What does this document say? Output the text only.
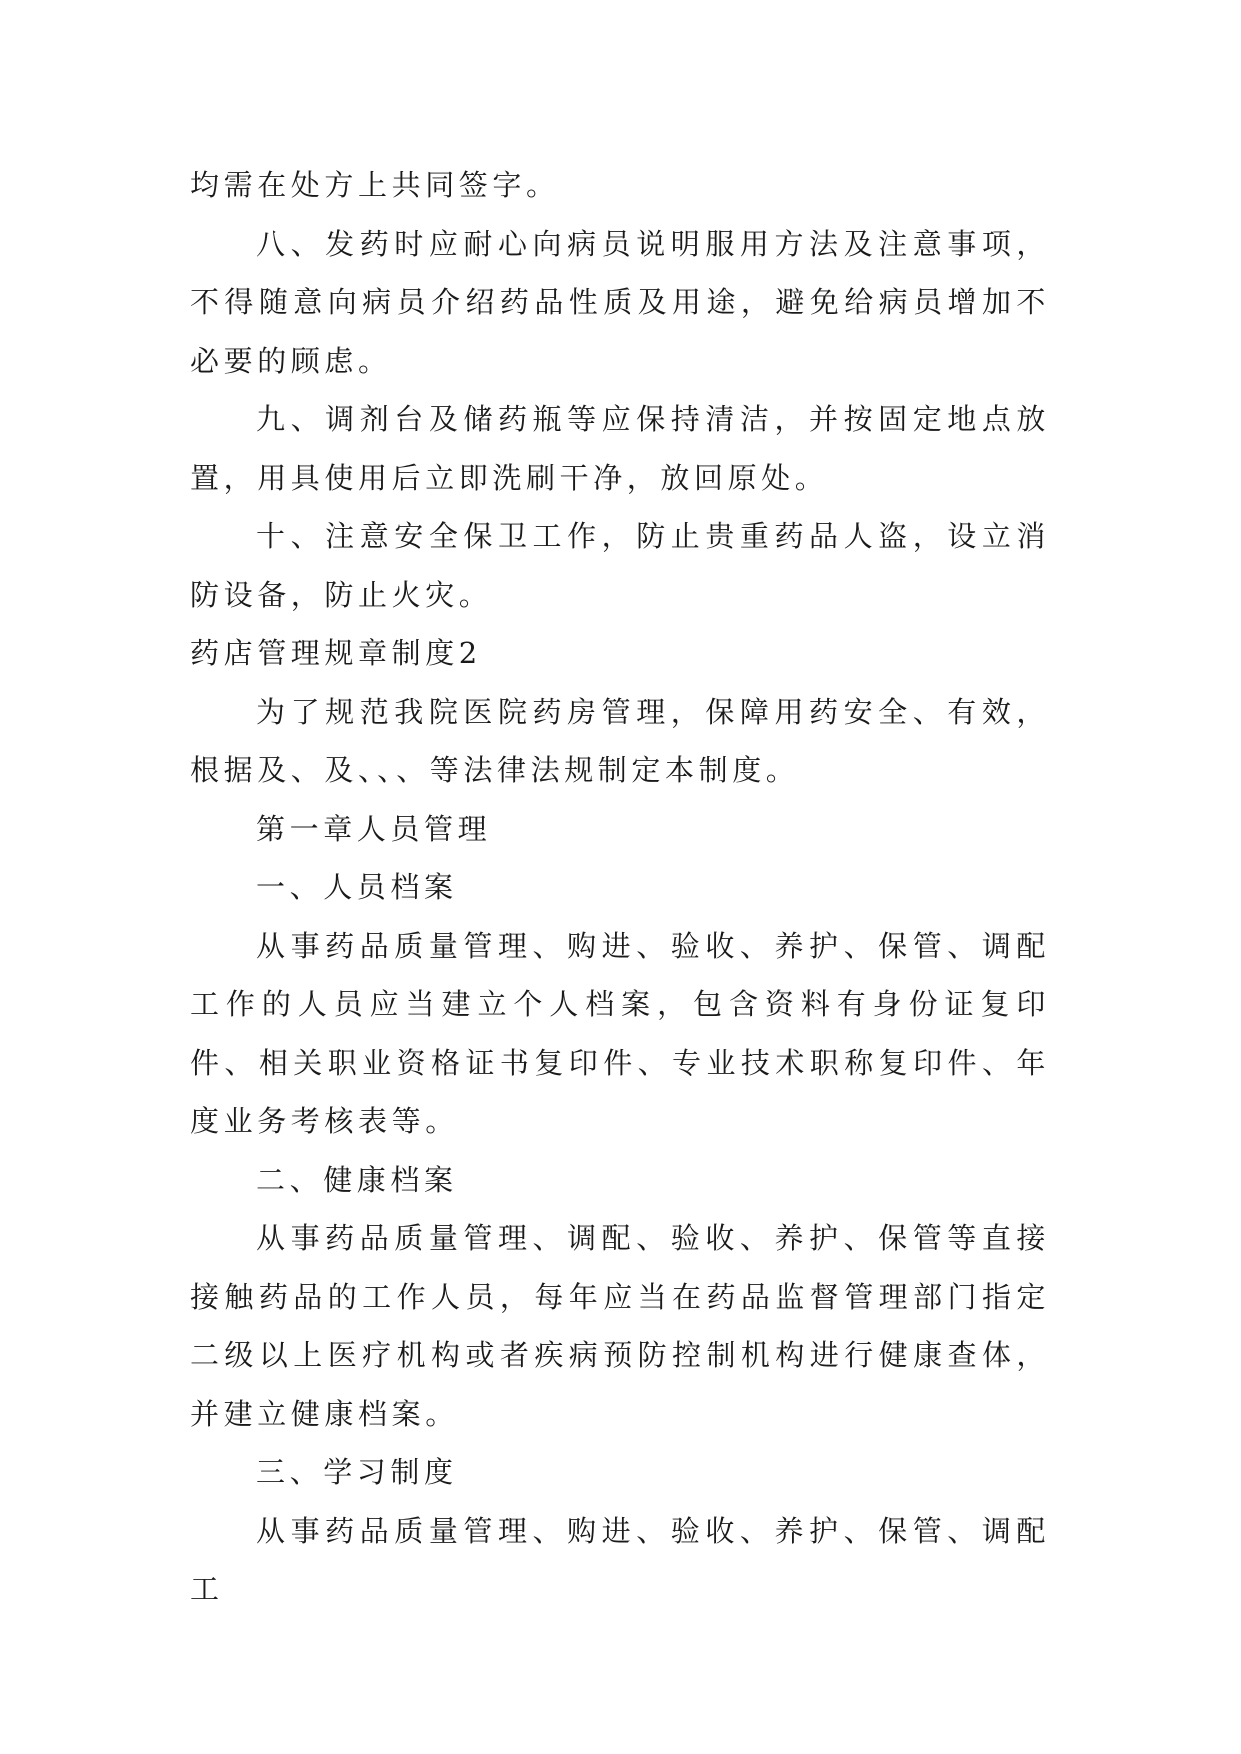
均需在处方上共同签字。

八、发药时应耐心向病员说明服用方法及注意事项，不得随意向病员介绍药品性质及用途，避免给病员增加不必要的顾虑。

九、调剂台及储药瓶等应保持清洁，并按固定地点放置，用具使用后立即洗刷干净，放回原处。

十、注意安全保卫工作，防止贵重药品人盗，设立消防设备，防止火灾。

药店管理规章制度2

为了规范我院医院药房管理，保障用药安全、有效，根据及、及、、、等法律法规制定本制度。

第一章人员管理

一、人员档案

从事药品质量管理、购进、验收、养护、保管、调配工作的人员应当建立个人档案，包含资料有身份证复印件、相关职业资格证书复印件、专业技术职称复印件、年度业务考核表等。

二、健康档案

从事药品质量管理、调配、验收、养护、保管等直接接触药品的工作人员，每年应当在药品监督管理部门指定二级以上医疗机构或者疾病预防控制机构进行健康查体，并建立健康档案。

三、学习制度

从事药品质量管理、购进、验收、养护、保管、调配工
